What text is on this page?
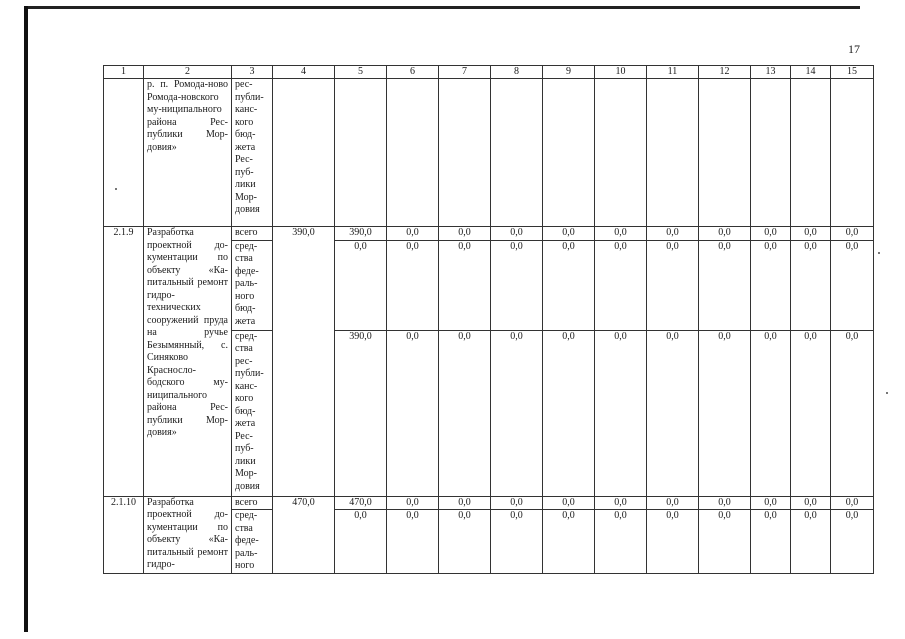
17
1	2	3	4	5	6	7	8	9	10	11	12	13	14	15
	р. п. Ромода-ново Ромода-новского му-ниципального района Рес-публики Мор-довия»	рес-публи-канс-кого бюд-жета Рес-пуб-лики Мор-довия												
2.1.9	Разработка проектной до-кументации по объекту «Ка-питальный ремонт гидро-технических сооружений пруда на ручье Безымянный, с. Синяково Краснослo-бодского му-ниципального района Рес-публики Мор-довия»	всего	390,0	390,0	0,0	0,0	0,0	0,0	0,0	0,0	0,0	0,0	0,0	0,0
		сред-ства феде-раль-ного бюд-жета		0,0	0,0	0,0	0,0	0,0	0,0	0,0	0,0	0,0	0,0	0,0
		сред-ства рес-публи-канс-кого бюд-жета Рес-пуб-лики Мор-довия		390,0	0,0	0,0	0,0	0,0	0,0	0,0	0,0	0,0	0,0	0,0
2.1.10	Разработка проектной до-кументации по объекту «Ка-питальный ремонт гидро-	всего	470,0	470,0	0,0	0,0	0,0	0,0	0,0	0,0	0,0	0,0	0,0	0,0
		сред-ства феде-раль-ного		0,0	0,0	0,0	0,0	0,0	0,0	0,0	0,0	0,0	0,0	0,0
